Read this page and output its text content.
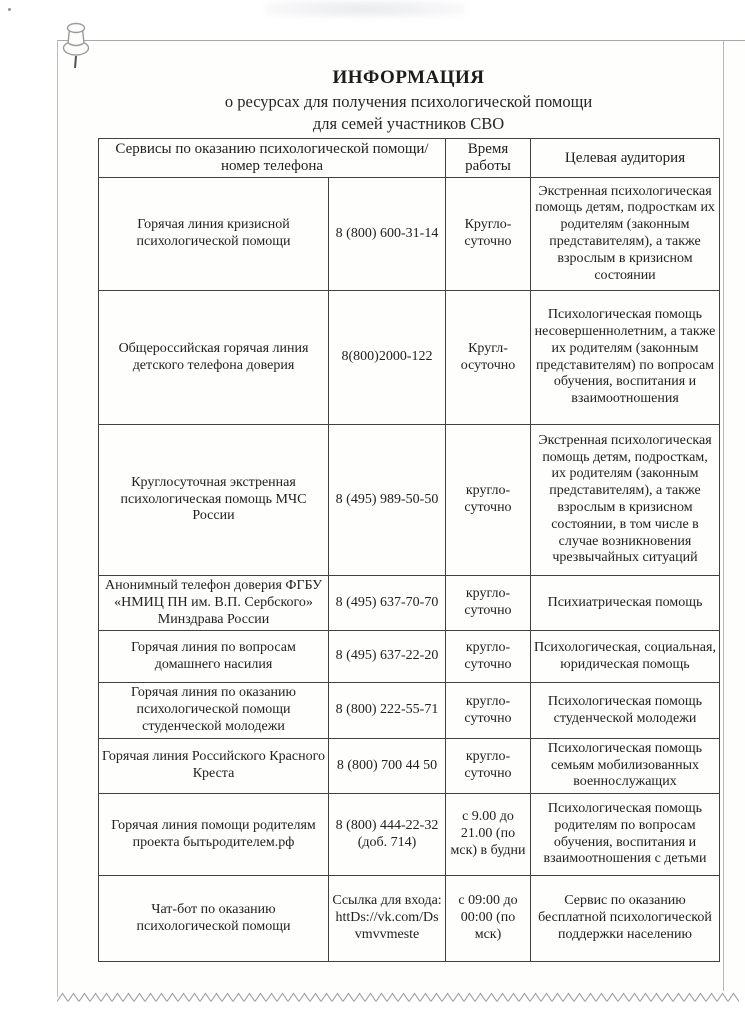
ИНФОРМАЦИЯ
о ресурсах для получения психологической помощи
для семей участников СВО
Сервисы по оказанию психологической помощи/номер телефона		Время работы	Целевая аудитория
Горячая линия кризисной психологической помощи	8 (800) 600-31-14	Кругло-суточно	Экстренная психологическая помощь детям, подросткам их родителям (законным представителям), а также взрослым в кризисном состоянии
Общероссийская горячая линия детского телефона доверия	8(800)2000-122	Кругл-осуточно	Психологическая помощь несовершеннолетним, а также их родителям (законным представителям) по вопросам обучения, воспитания и взаимоотношения
Круглосуточная экстренная психологическая помощь МЧС России	8 (495) 989-50-50	кругло-суточно	Экстренная психологическая помощь детям, подросткам, их родителям (законным представителям), а также взрослым в кризисном состоянии, в том числе в случае возникновения чрезвычайных ситуаций
Анонимный телефон доверия ФГБУ «НМИЦ ПН им. В.П. Сербского» Минздрава России	8 (495) 637-70-70	кругло-суточно	Психиатрическая помощь
Горячая линия по вопросам домашнего насилия	8 (495) 637-22-20	кругло-суточно	Психологическая, социальная, юридическая помощь
Горячая линия по оказанию психологической помощи студенческой молодежи	8 (800) 222-55-71	кругло-суточно	Психологическая помощь студенческой молодежи
Горячая линия Российского Красного Креста	8 (800) 700 44 50	кругло-суточно	Психологическая помощь семьям мобилизованных военнослужащих
Горячая линия помощи родителям проекта бытьродителем.рф	8 (800) 444-22-32 (доб. 714)	с 9.00 до 21.00 (по мск) в будни	Психологическая помощь родителям по вопросам обучения, воспитания и взаимоотношения с детьми
Чат-бот по оказанию психологической помощи	Ссылка для входа: httDs://vk.com/Dsvmvvmeste	с 09:00 до 00:00 (по мск)	Сервис по оказанию бесплатной психологической поддержки населению
